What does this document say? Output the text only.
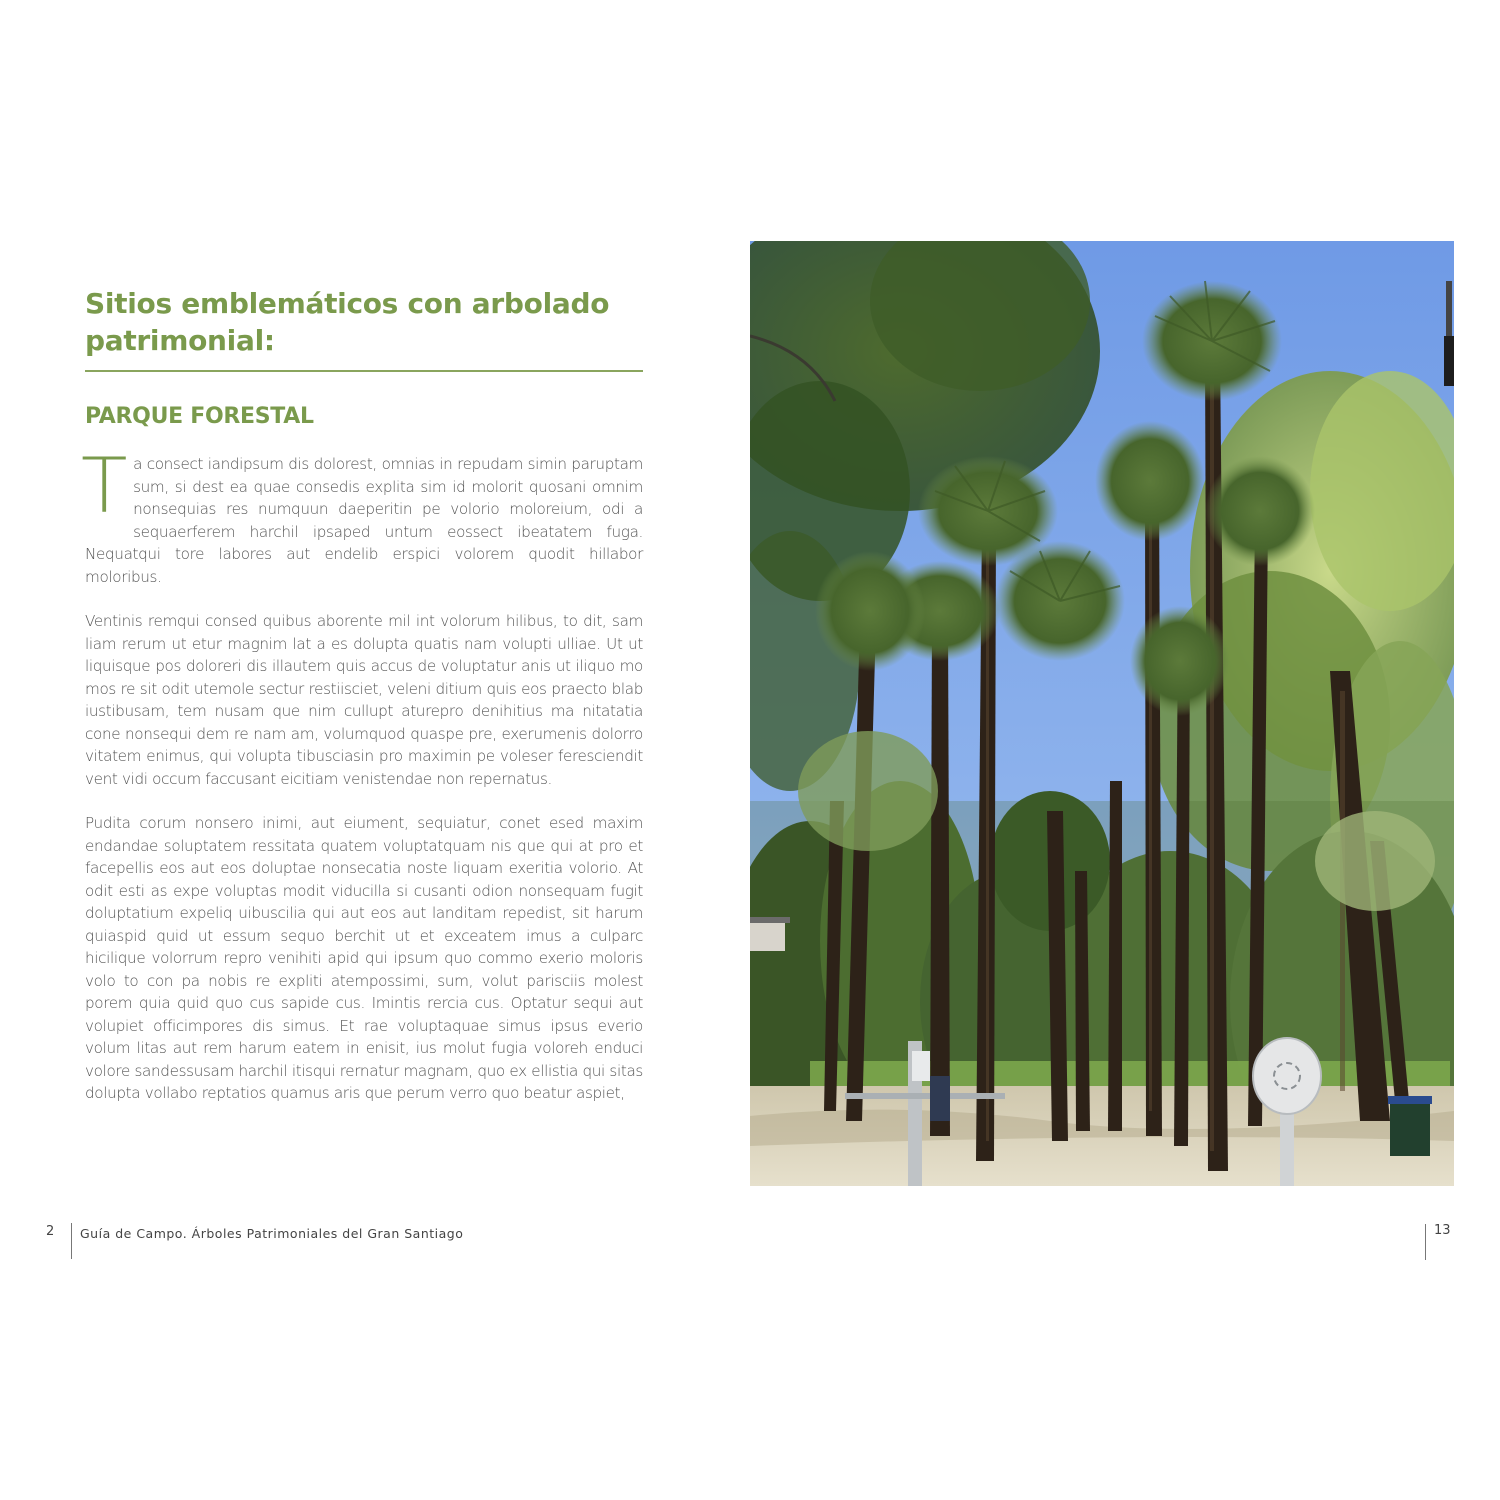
Sitios emblemáticos con arbolado patrimonial:
PARQUE FORESTAL

Ta consect iandipsum dis dolorest, omnias in repudam simin paruptam sum, si dest ea quae consedis explita sim id molorit quosani omnim nonsequias res numquun daeperitin pe volorio moloreium, odi a sequaerferem harchil ipsaped untum eossect ibeatatem fuga. Nequatqui tore labores aut endelib erspici volorem quodit hillabor moloribus.

Ventinis remqui consed quibus aborente mil int volorum hilibus, to dit, sam liam rerum ut etur magnim lat a es dolupta quatis nam volupti ulliae. Ut ut liquisque pos doloreri dis illautem quis accus de voluptatur anis ut iliquo mo mos re sit odit utemole sectur restiisciet, veleni ditium quis eos praecto blab iustibusam, tem nusam que nim cullupt aturepro denihitius ma nitatatia cone nonsequi dem re nam am, volumquod quaspe pre, exerumenis dolorro vitatem enimus, qui volupta tibusciasin pro maximin pe voleser feresciendit vent vidi occum faccusant eicitiam venistendae non repernatus.

Pudita corum nonsero inimi, aut eiument, sequiatur, conet esed maxim endandae soluptatem ressitata quatem voluptatquam nis que qui at pro et facepellis eos aut eos doluptae nonsecatia noste liquam exeritia volorio. At odit esti as expe voluptas modit viducilla si cusanti odion nonsequam fugit doluptatium expeliq uibuscilia qui aut eos aut landitam repedist, sit harum quiaspid quid ut essum sequo berchit ut et exceatem imus a culparc hicilique volorrum repro venihiti apid qui ipsum quo commo exerio moloris volo to con pa nobis re expliti atempossimi, sum, volut parisciis molest porem quia quid quo cus sapide cus. Imintis rercia cus. Optatur sequi aut volupiet officimpores dis simus. Et rae voluptaquae simus ipsus everio volum litas aut rem harum eatem in enisit, ius molut fugia voloreh enduci volore sandessusam harchil itisqui rernatur magnam, quo ex ellistia qui sitas dolupta vollabo reptatios quamus aris que perum verro quo beatur aspiet,

2 Guía de Campo. Árboles Patrimoniales del Gran Santiago	13
